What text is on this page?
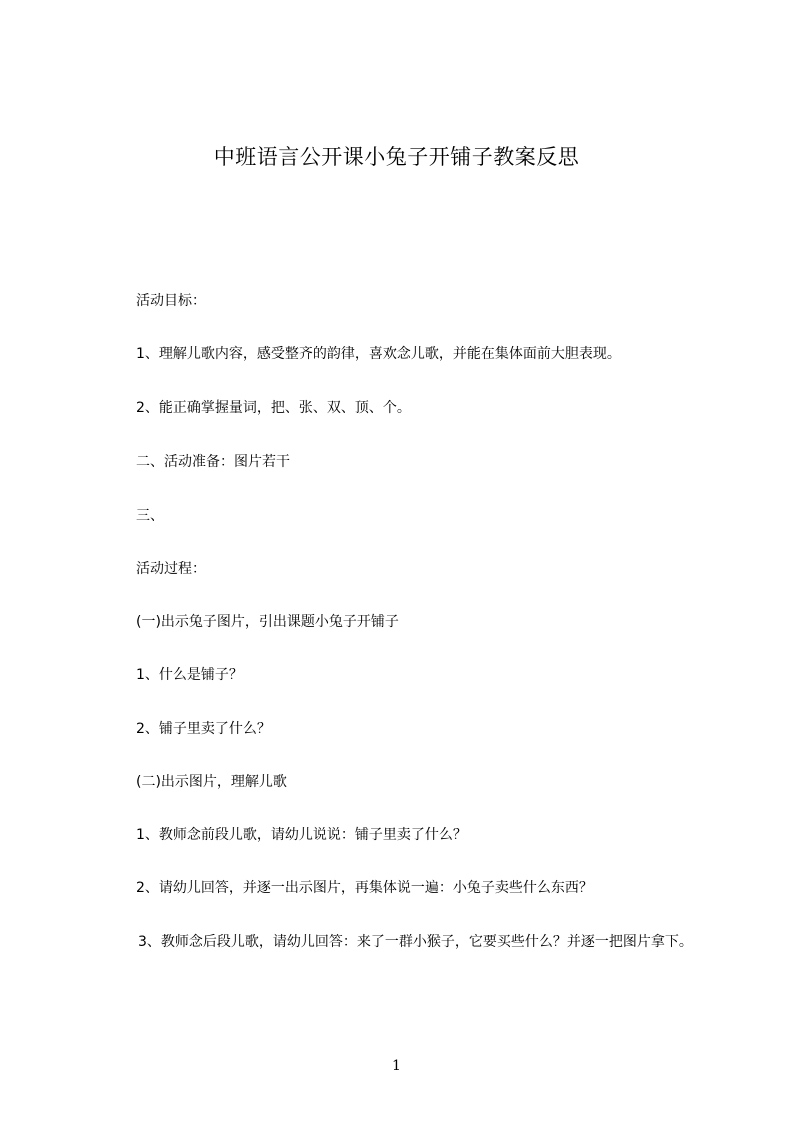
中班语言公开课小兔子开铺子教案反思

活动目标：

1、理解儿歌内容，感受整齐的韵律，喜欢念儿歌，并能在集体面前大胆表现。

2、能正确掌握量词，把、张、双、顶、个。

二、活动准备：图片若干

三、

活动过程：

(一)出示兔子图片，引出课题小兔子开铺子

1、什么是铺子？

2、铺子里卖了什么？

(二)出示图片，理解儿歌

1、教师念前段儿歌，请幼儿说说：铺子里卖了什么？

2、请幼儿回答，并逐一出示图片，再集体说一遍：小兔子卖些什么东西？

3、教师念后段儿歌，请幼儿回答：来了一群小猴子，它要买些什么？并逐一把图片拿下。

1
